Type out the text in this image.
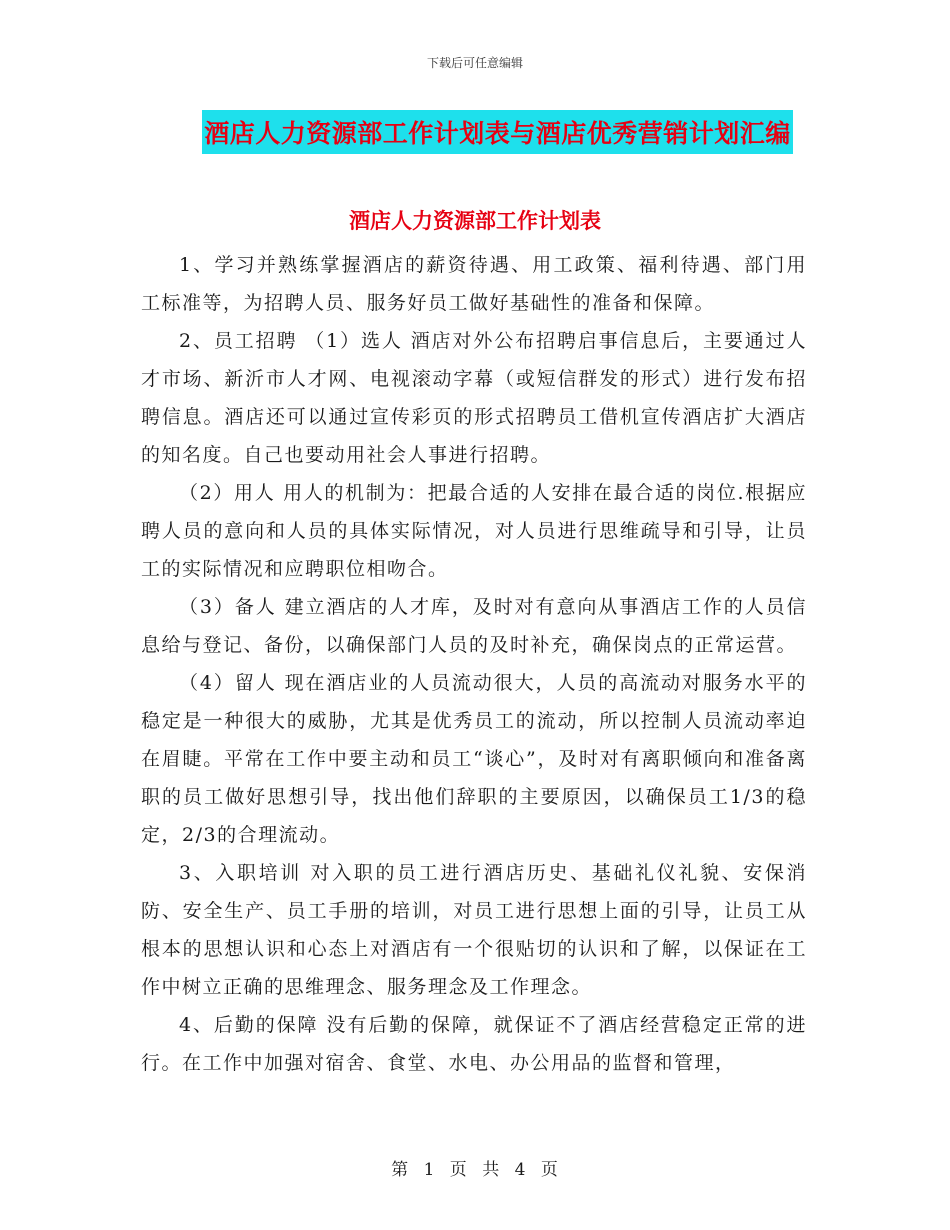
下载后可任意编辑
酒店人力资源部工作计划表与酒店优秀营销计划汇编
酒店人力资源部工作计划表

1、学习并熟练掌握酒店的薪资待遇、用工政策、福利待遇、部门用工标准等，为招聘人员、服务好员工做好基础性的准备和保障。

2、员工招聘 （1）选人 酒店对外公布招聘启事信息后，主要通过人才市场、新沂市人才网、电视滚动字幕（或短信群发的形式）进行发布招聘信息。酒店还可以通过宣传彩页的形式招聘员工借机宣传酒店扩大酒店的知名度。自己也要动用社会人事进行招聘。

（2）用人 用人的机制为：把最合适的人安排在最合适的岗位.根据应聘人员的意向和人员的具体实际情况，对人员进行思维疏导和引导，让员工的实际情况和应聘职位相吻合。

（3）备人 建立酒店的人才库，及时对有意向从事酒店工作的人员信息给与登记、备份，以确保部门人员的及时补充，确保岗点的正常运营。

（4）留人 现在酒店业的人员流动很大，人员的高流动对服务水平的稳定是一种很大的威胁，尤其是优秀员工的流动，所以控制人员流动率迫在眉睫。平常在工作中要主动和员工“谈心”，及时对有离职倾向和准备离职的员工做好思想引导，找出他们辞职的主要原因，以确保员工1/3的稳定，2/3的合理流动。

3、入职培训 对入职的员工进行酒店历史、基础礼仪礼貌、安保消防、安全生产、员工手册的培训，对员工进行思想上面的引导，让员工从根本的思想认识和心态上对酒店有一个很贴切的认识和了解，以保证在工作中树立正确的思维理念、服务理念及工作理念。

4、后勤的保障 没有后勤的保障，就保证不了酒店经营稳定正常的进行。在工作中加强对宿舍、食堂、水电、办公用品的监督和管理，

第 1 页 共 4 页
